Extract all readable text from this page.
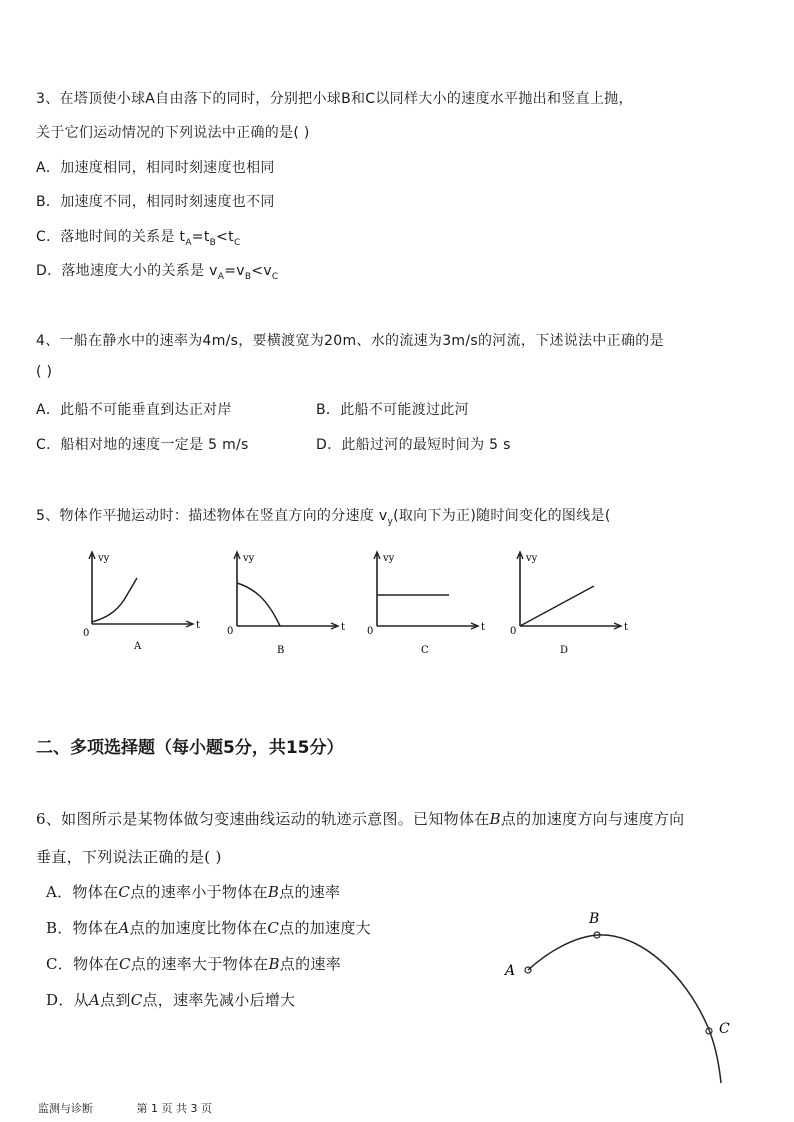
3、在塔顶使小球A自由落下的同时，分别把小球B和C以同样大小的速度水平抛出和竖直上抛，
关于它们运动情况的下列说法中正确的是( )
A．加速度相同，相同时刻速度也相同
B．加速度不同，相同时刻速度也不同
C．落地时间的关系是 $t_A=t_B<t_C$
D．落地速度大小的关系是 $v_A=v_B<v_C$
4、一船在静水中的速率为4m/s，要横渡宽为20m、水的流速为3m/s的河流，下述说法中正确的是
( )
A．此船不可能垂直到达正对岸	B．此船不可能渡过此河
C．船相对地的速度一定是 5 m/s	D．此船过河的最短时间为 5 s
5、物体作平抛运动时：描述物体在竖直方向的分速度 $v_y$(取向下为正)随时间变化的图线是(
vy
t
0
A
vy
t
0
B
vy
t
0
C
vy
t
0
D
二、多项选择题（每小题5分，共15分）
6、如图所示是某物体做匀变速曲线运动的轨迹示意图。已知物体在B点的加速度方向与速度方向
垂直，下列说法正确的是( )
A．物体在C点的速率小于物体在B点的速率
B．物体在A点的加速度比物体在C点的加速度大
C．物体在C点的速率大于物体在B点的速率
D．从A点到C点，速率先减小后增大
A
B
C
监测与诊断	第 1 页 共 3 页
